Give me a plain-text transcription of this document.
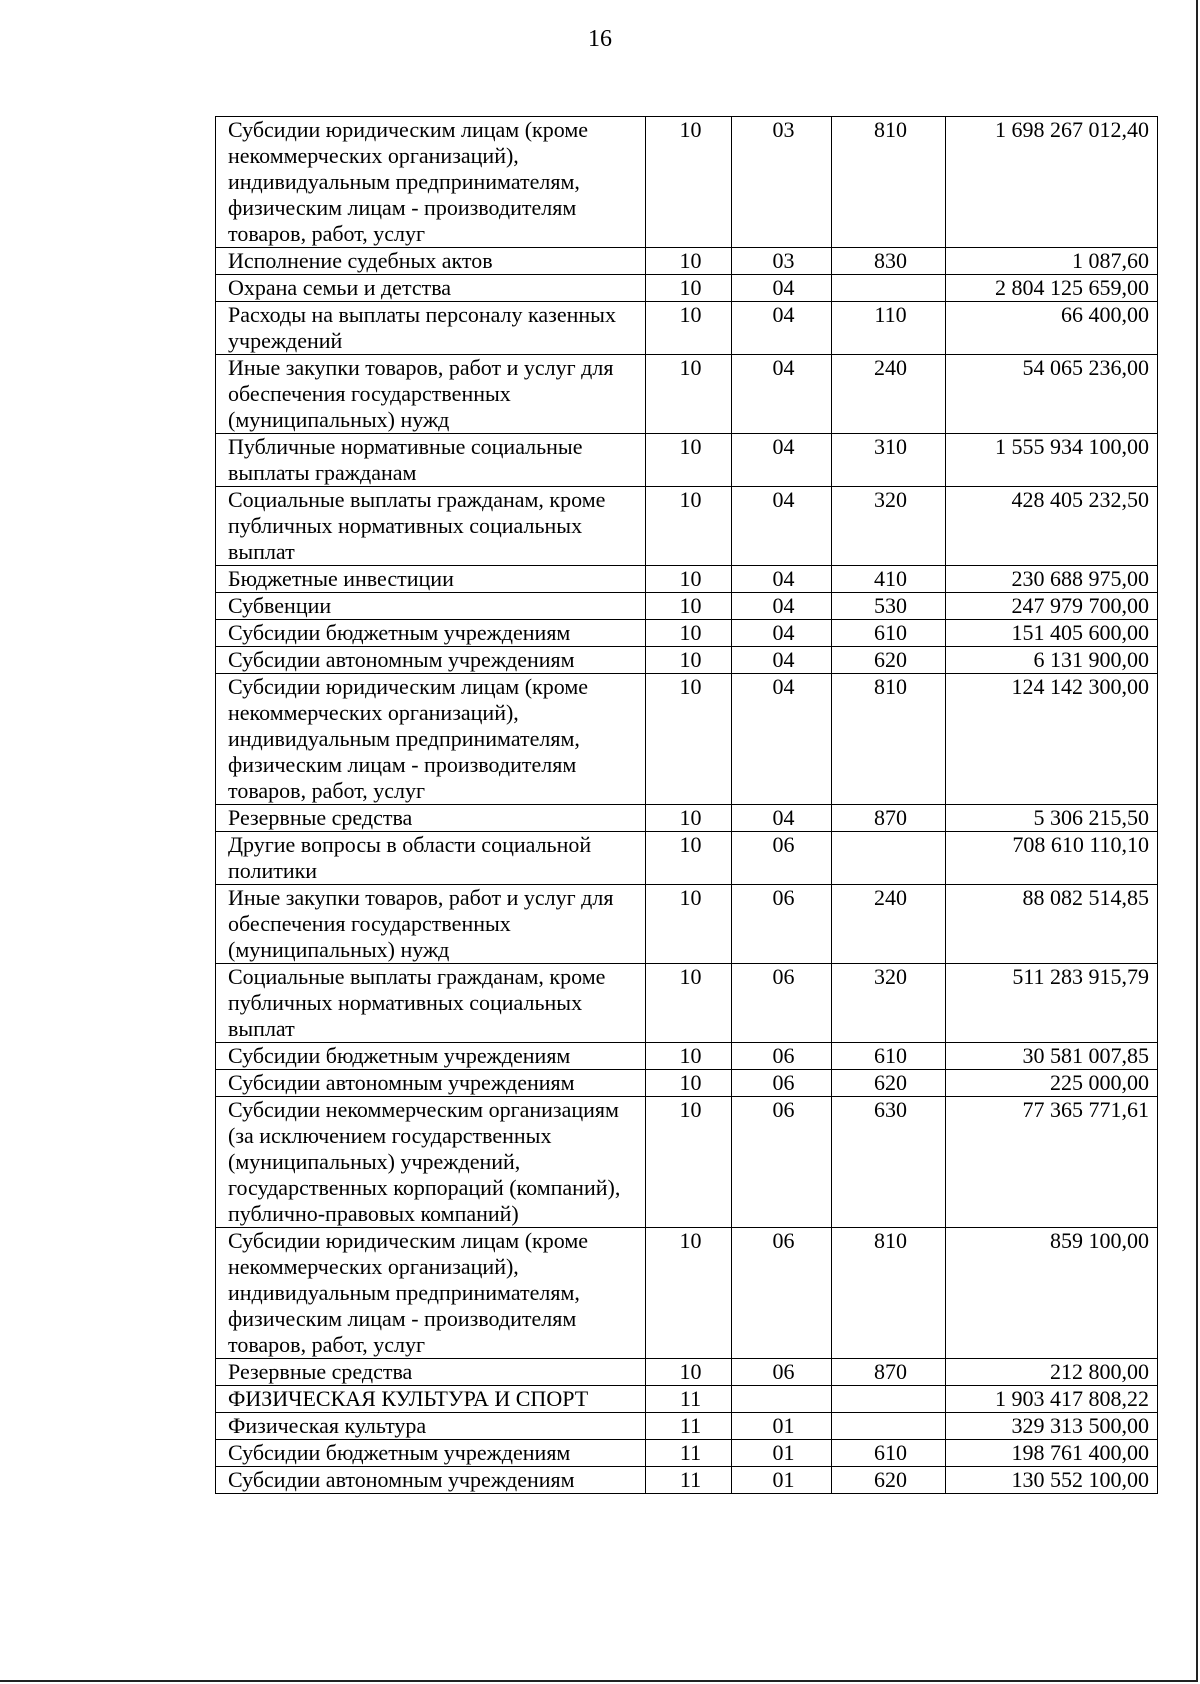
16
Субсидии юридическим лицам (кроме некоммерческих организаций), индивидуальным предпринимателям, физическим лицам - производителям товаров, работ, услуг	10	03	810	1 698 267 012,40
Исполнение судебных актов	10	03	830	1 087,60
Охрана семьи и детства	10	04		2 804 125 659,00
Расходы на выплаты персоналу казенных учреждений	10	04	110	66 400,00
Иные закупки товаров, работ и услуг для обеспечения государственных (муниципальных) нужд	10	04	240	54 065 236,00
Публичные нормативные социальные выплаты гражданам	10	04	310	1 555 934 100,00
Социальные выплаты гражданам, кроме публичных нормативных социальных выплат	10	04	320	428 405 232,50
Бюджетные инвестиции	10	04	410	230 688 975,00
Субвенции	10	04	530	247 979 700,00
Субсидии бюджетным учреждениям	10	04	610	151 405 600,00
Субсидии автономным учреждениям	10	04	620	6 131 900,00
Субсидии юридическим лицам (кроме некоммерческих организаций), индивидуальным предпринимателям, физическим лицам - производителям товаров, работ, услуг	10	04	810	124 142 300,00
Резервные средства	10	04	870	5 306 215,50
Другие вопросы в области социальной политики	10	06		708 610 110,10
Иные закупки товаров, работ и услуг для обеспечения государственных (муниципальных) нужд	10	06	240	88 082 514,85
Социальные выплаты гражданам, кроме публичных нормативных социальных выплат	10	06	320	511 283 915,79
Субсидии бюджетным учреждениям	10	06	610	30 581 007,85
Субсидии автономным учреждениям	10	06	620	225 000,00
Субсидии некоммерческим организациям (за исключением государственных (муниципальных) учреждений, государственных корпораций (компаний), публично-правовых компаний)	10	06	630	77 365 771,61
Субсидии юридическим лицам (кроме некоммерческих организаций), индивидуальным предпринимателям, физическим лицам - производителям товаров, работ, услуг	10	06	810	859 100,00
Резервные средства	10	06	870	212 800,00
ФИЗИЧЕСКАЯ КУЛЬТУРА И СПОРТ	11			1 903 417 808,22
Физическая культура	11	01		329 313 500,00
Субсидии бюджетным учреждениям	11	01	610	198 761 400,00
Субсидии автономным учреждениям	11	01	620	130 552 100,00
